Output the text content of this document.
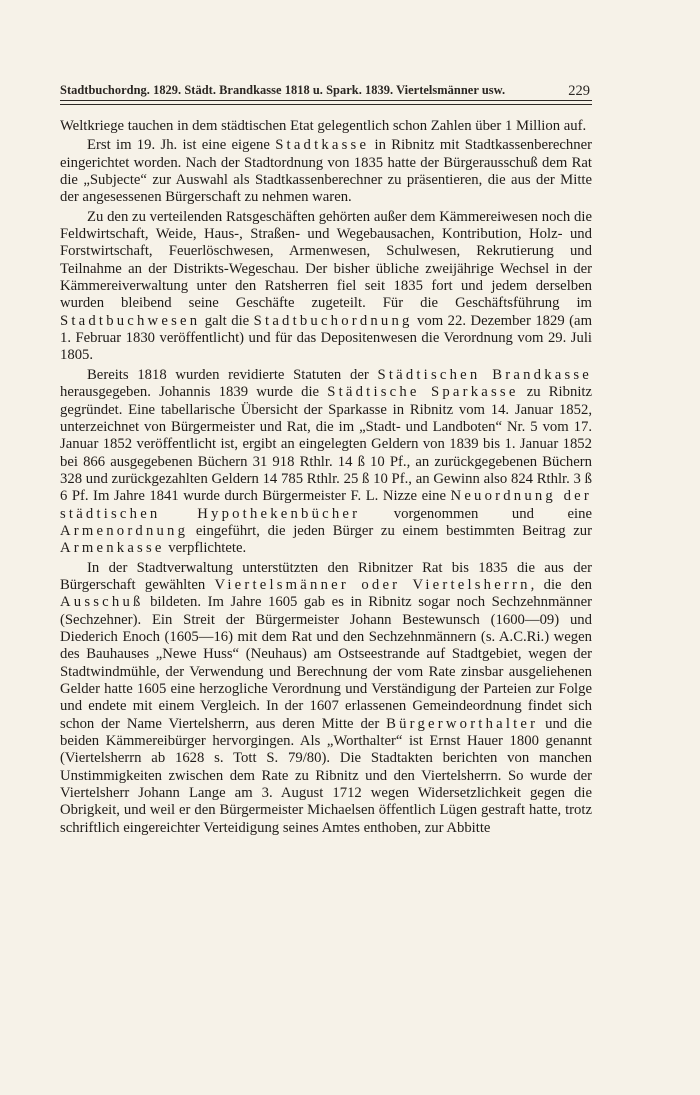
Stadtbuchordng. 1829. Städt. Brandkasse 1818 u. Spark. 1839. Viertelsmänner usw.	229

Weltkriege tauchen in dem städtischen Etat gelegentlich schon Zahlen über 1 Million auf.

Erst im 19. Jh. ist eine eigene Stadtkasse in Ribnitz mit Stadtkassenberechner eingerichtet worden. Nach der Stadtordnung von 1835 hatte der Bürgerausschuß dem Rat die „Subjecte“ zur Auswahl als Stadtkassenberechner zu präsentieren, die aus der Mitte der angesessenen Bürgerschaft zu nehmen waren.

Zu den zu verteilenden Ratsgeschäften gehörten außer dem Kämmereiwesen noch die Feldwirtschaft, Weide, Haus-, Straßen- und Wegebausachen, Kontribution, Holz- und Forstwirtschaft, Feuerlöschwesen, Armenwesen, Schulwesen, Rekrutierung und Teilnahme an der Distrikts-Wegeschau. Der bisher übliche zweijährige Wechsel in der Kämmereiverwaltung unter den Ratsherren fiel seit 1835 fort und jedem derselben wurden bleibend seine Geschäfte zugeteilt. Für die Geschäftsführung im Stadtbuchwesen galt die Stadtbuchordnung vom 22. Dezember 1829 (am 1. Februar 1830 veröffentlicht) und für das Depositenwesen die Verordnung vom 29. Juli 1805.

Bereits 1818 wurden revidierte Statuten der Städtischen Brandkasse herausgegeben. Johannis 1839 wurde die Städtische Sparkasse zu Ribnitz gegründet. Eine tabellarische Übersicht der Sparkasse in Ribnitz vom 14. Januar 1852, unterzeichnet von Bürgermeister und Rat, die im „Stadt- und Landboten“ Nr. 5 vom 17. Januar 1852 veröffentlicht ist, ergibt an eingelegten Geldern von 1839 bis 1. Januar 1852 bei 866 ausgegebenen Büchern 31 918 Rthlr. 14 ß 10 Pf., an zurückgegebenen Büchern 328 und zurückgezahlten Geldern 14 785 Rthlr. 25 ß 10 Pf., an Gewinn also 824 Rthlr. 3 ß 6 Pf. Im Jahre 1841 wurde durch Bürgermeister F. L. Nizze eine Neuordnung der städtischen Hypothekenbücher vorgenommen und eine Armenordnung eingeführt, die jeden Bürger zu einem bestimmten Beitrag zur Armenkasse verpflichtete.

In der Stadtverwaltung unterstützten den Ribnitzer Rat bis 1835 die aus der Bürgerschaft gewählten Viertelsmänner oder Viertelsherrn, die den Ausschuß bildeten. Im Jahre 1605 gab es in Ribnitz sogar noch Sechzehnmänner (Sechzehner). Ein Streit der Bürgermeister Johann Bestewunsch (1600—09) und Diederich Enoch (1605—16) mit dem Rat und den Sechzehnmännern (s. A.C.Ri.) wegen des Bauhauses „Newe Huss“ (Neuhaus) am Ostseestrande auf Stadtgebiet, wegen der Stadtwindmühle, der Verwendung und Berechnung der vom Rate zinsbar ausgeliehenen Gelder hatte 1605 eine herzogliche Verordnung und Verständigung der Parteien zur Folge und endete mit einem Vergleich. In der 1607 erlassenen Gemeindeordnung findet sich schon der Name Viertelsherrn, aus deren Mitte der Bürgerworthalter und die beiden Kämmereibürger hervorgingen. Als „Worthalter“ ist Ernst Hauer 1800 genannt (Viertelsherrn ab 1628 s. Tott S. 79/80). Die Stadtakten berichten von manchen Unstimmigkeiten zwischen dem Rate zu Ribnitz und den Viertelsherrn. So wurde der Viertelsherr Johann Lange am 3. August 1712 wegen Widersetzlichkeit gegen die Obrigkeit, und weil er den Bürgermeister Michaelsen öffentlich Lügen gestraft hatte, trotz schriftlich eingereichter Verteidigung seines Amtes enthoben, zur Abbitte
